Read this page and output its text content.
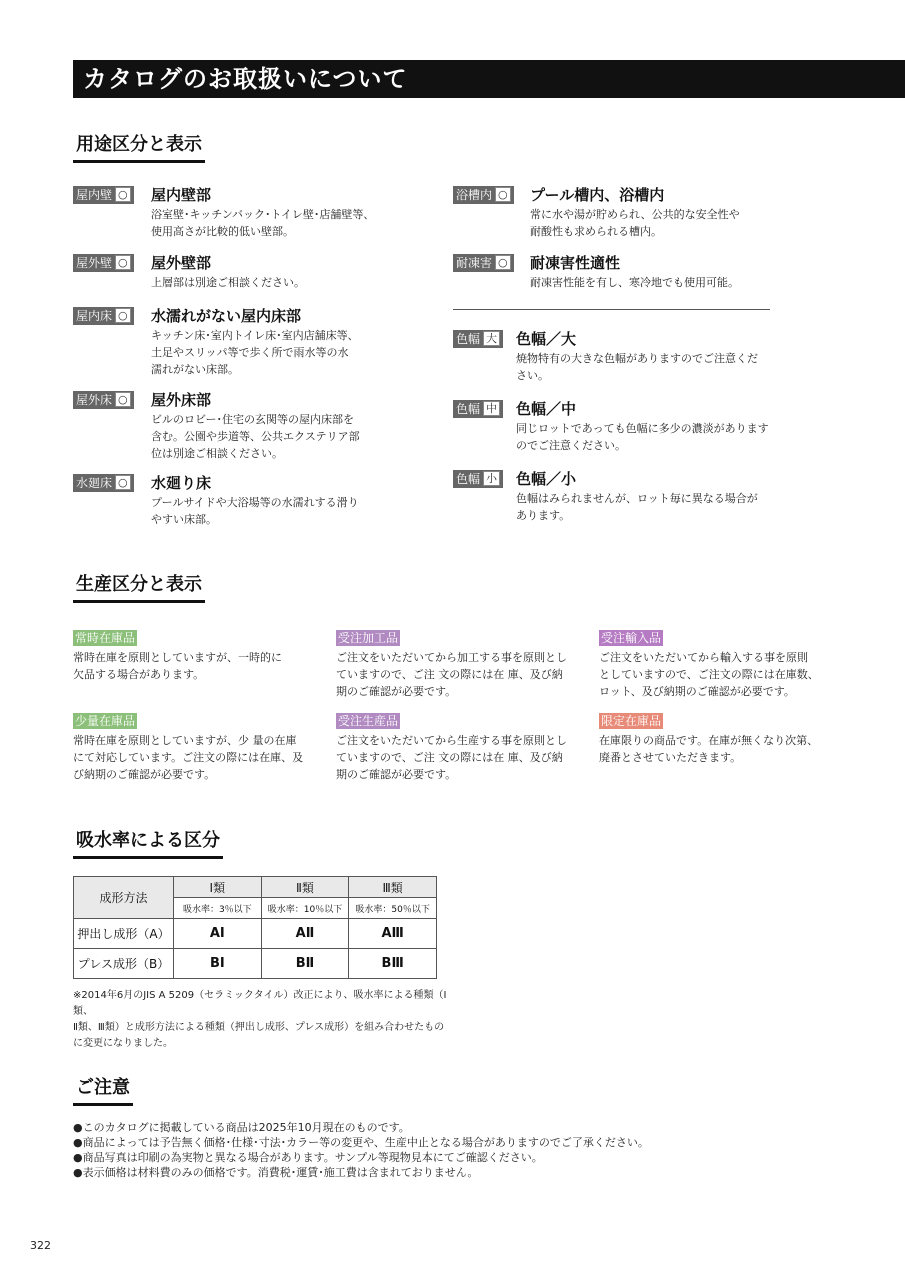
カタログのお取扱いについて
用途区分と表示
屋内壁 ○	屋内壁部
浴室壁･キッチンバック･トイレ壁･店舗壁等、
使用高さが比較的低い壁部。
屋外壁 ○	屋外壁部
上層部は別途ご相談ください。
屋内床 ○	水濡れがない屋内床部
キッチン床･室内トイレ床･室内店舗床等、
土足やスリッパ等で歩く所で雨水等の水
濡れがない床部。
屋外床 ○	屋外床部
ビルのロビー･住宅の玄関等の屋内床部を
含む。公園や歩道等、公共エクステリア部
位は別途ご相談ください。
水廻床 ○	水廻り床
プールサイドや大浴場等の水濡れする滑り
やすい床部。
浴槽内 ○	プール槽内、浴槽内
常に水や湯が貯められ、公共的な安全性や
耐酸性も求められる槽内。
耐凍害 ○	耐凍害性適性
耐凍害性能を有し、寒冷地でも使用可能。
色幅 大	色幅／大
焼物特有の大きな色幅がありますのでご注意くだ
さい。
色幅 中	色幅／中
同じロットであっても色幅に多少の濃淡があります
のでご注意ください。
色幅 小	色幅／小
色幅はみられませんが、ロット毎に異なる場合が
あります。
生産区分と表示
常時在庫品
常時在庫を原則としていますが、一時的に
欠品する場合があります。
受注加工品
ご注文をいただいてから加工する事を原則とし
ていますので、ご注 文の際には在 庫、及び納
期のご確認が必要です。
受注輸入品
ご注文をいただいてから輸入する事を原則
としていますので、ご注文の際には在庫数、
ロット、及び納期のご確認が必要です。
少量在庫品
常時在庫を原則としていますが、少 量の在庫
にて対応しています。ご注文の際には在庫、及
び納期のご確認が必要です。
受注生産品
ご注文をいただいてから生産する事を原則とし
ていますので、ご注 文の際には在 庫、及び納
期のご確認が必要です。
限定在庫品
在庫限りの商品です。在庫が無くなり次第、
廃番とさせていただきます。
吸水率による区分
成形方法	Ⅰ類	Ⅱ類	Ⅲ類
	吸水率：3％以下	吸水率：10％以下	吸水率：50％以下
押出し成形（A）	AⅠ	AⅡ	AⅢ
プレス成形（B）	BⅠ	BⅡ	BⅢ
※2014年6月のJIS A 5209（セラミックタイル）改正により、吸水率による種類（Ⅰ類、
Ⅱ類、Ⅲ類）と成形方法による種類（押出し成形、プレス成形）を組み合わせたもの
に変更になりました。
ご注意
●このカタログに掲載している商品は2025年10月現在のものです。
●商品によっては予告無く価格･仕様･寸法･カラー等の変更や、生産中止となる場合がありますのでご了承ください。
●商品写真は印刷の為実物と異なる場合があります。サンプル等現物見本にてご確認ください。
●表示価格は材料費のみの価格です。消費税･運賃･施工費は含まれておりません。
322
